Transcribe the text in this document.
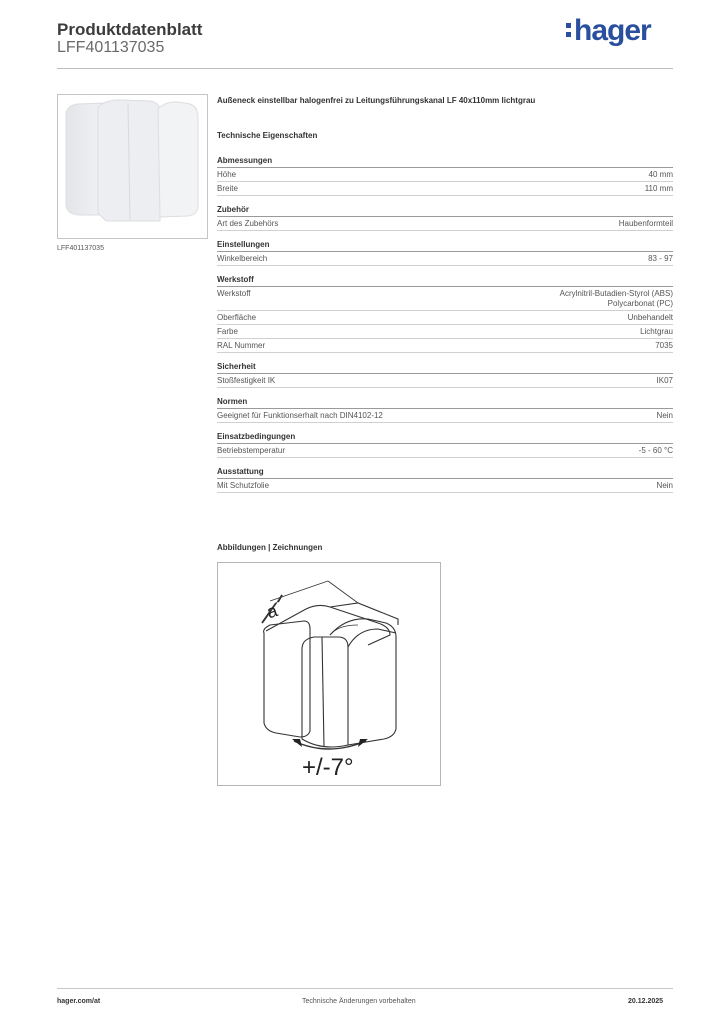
Produktdatenblatt
LFF401137035
hager
LFF401137035
Außeneck einstellbar halogenfrei zu Leitungsführungskanal LF 40x110mm lichtgrau
Technische Eigenschaften
Abmessungen
Höhe	40 mm
Breite	110 mm
Zubehör
Art des Zubehörs	Haubenformteil
Einstellungen
Winkelbereich	83 - 97
Werkstoff
Werkstoff	Acrylnitril-Butadien-Styrol (ABS)
Polycarbonat (PC)
Oberfläche	Unbehandelt
Farbe	Lichtgrau
RAL Nummer	7035
Sicherheit
Stoßfestigkeit IK	IK07
Normen
Geeignet für Funktionserhalt nach DIN4102-12	Nein
Einsatzbedingungen
Betriebstemperatur	-5 - 60 °C
Ausstattung
Mit Schutzfolie	Nein
Abbildungen | Zeichnungen
a
+/-7°
hager.com/at	Technische Änderungen vorbehalten	20.12.2025
